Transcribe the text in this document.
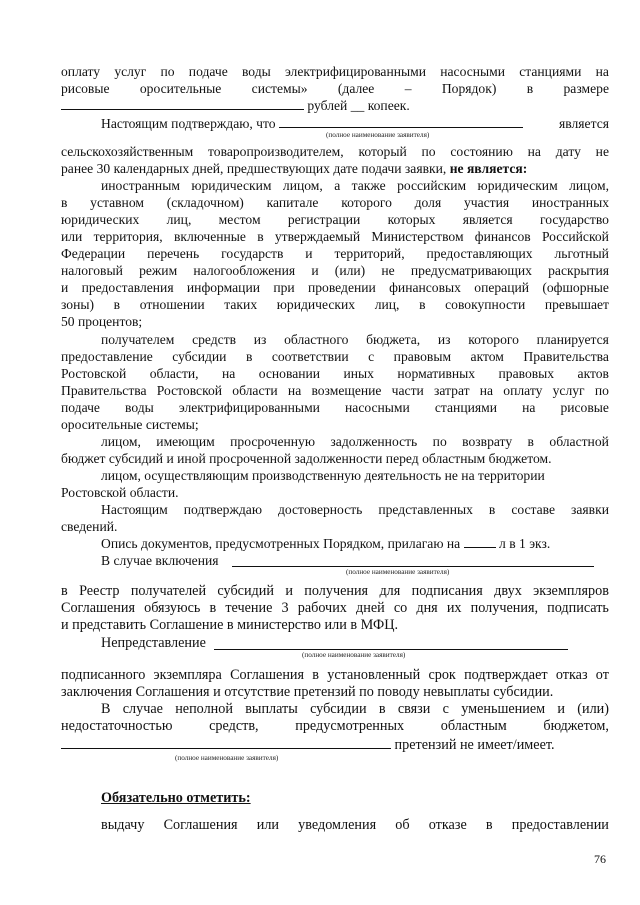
оплату услуг по подаче воды электрифицированными насосными станциями на
рисовые оросительные системы» (далее – Порядок) в размере
рублей __ копеек.
Настоящим подтверждаю, что	является
(полное наименование заявителя)
сельскохозяйственным товаропроизводителем, который по состоянию на дату не
ранее 30 календарных дней, предшествующих дате подачи заявки, не является:
иностранным юридическим лицом, а также российским юридическим лицом,
в уставном (складочном) капитале которого доля участия иностранных
юридических лиц, местом регистрации которых является государство
или территория, включенные в утверждаемый Министерством финансов Российской
Федерации перечень государств и территорий, предоставляющих льготный
налоговый режим налогообложения и (или) не предусматривающих раскрытия
и предоставления информации при проведении финансовых операций (офшорные
зоны) в отношении таких юридических лиц, в совокупности превышает
50 процентов;
получателем средств из областного бюджета, из которого планируется
предоставление субсидии в соответствии с правовым актом Правительства
Ростовской области, на основании иных нормативных правовых актов
Правительства Ростовской области на возмещение части затрат на оплату услуг по
подаче воды электрифицированными насосными станциями на рисовые
оросительные системы;
лицом, имеющим просроченную задолженность по возврату в областной
бюджет субсидий и иной просроченной задолженности перед областным бюджетом.
лицом, осуществляющим производственную деятельность не на территории
Ростовской области.
Настоящим подтверждаю достоверность представленных в составе заявки
сведений.
Опись документов, предусмотренных Порядком, прилагаю на	л в 1 экз.
В случае включения
(полное наименование заявителя)
в Реестр получателей субсидий и получения для подписания двух экземпляров
Соглашения обязуюсь в течение 3 рабочих дней со дня их получения, подписать
и представить Соглашение в министерство или в МФЦ.
Непредставление
(полное наименование заявителя)
подписанного экземпляра Соглашения в установленный срок подтверждает отказ от
заключения Соглашения и отсутствие претензий по поводу невыплаты субсидии.
В случае неполной выплаты субсидии в связи с уменьшением и (или)
недостаточностью	средств,	предусмотренных	областным	бюджетом,
претензий не имеет/имеет.
(полное наименование заявителя)
Обязательно отметить:
выдачу Соглашения или уведомления об отказе в предоставлении
76
